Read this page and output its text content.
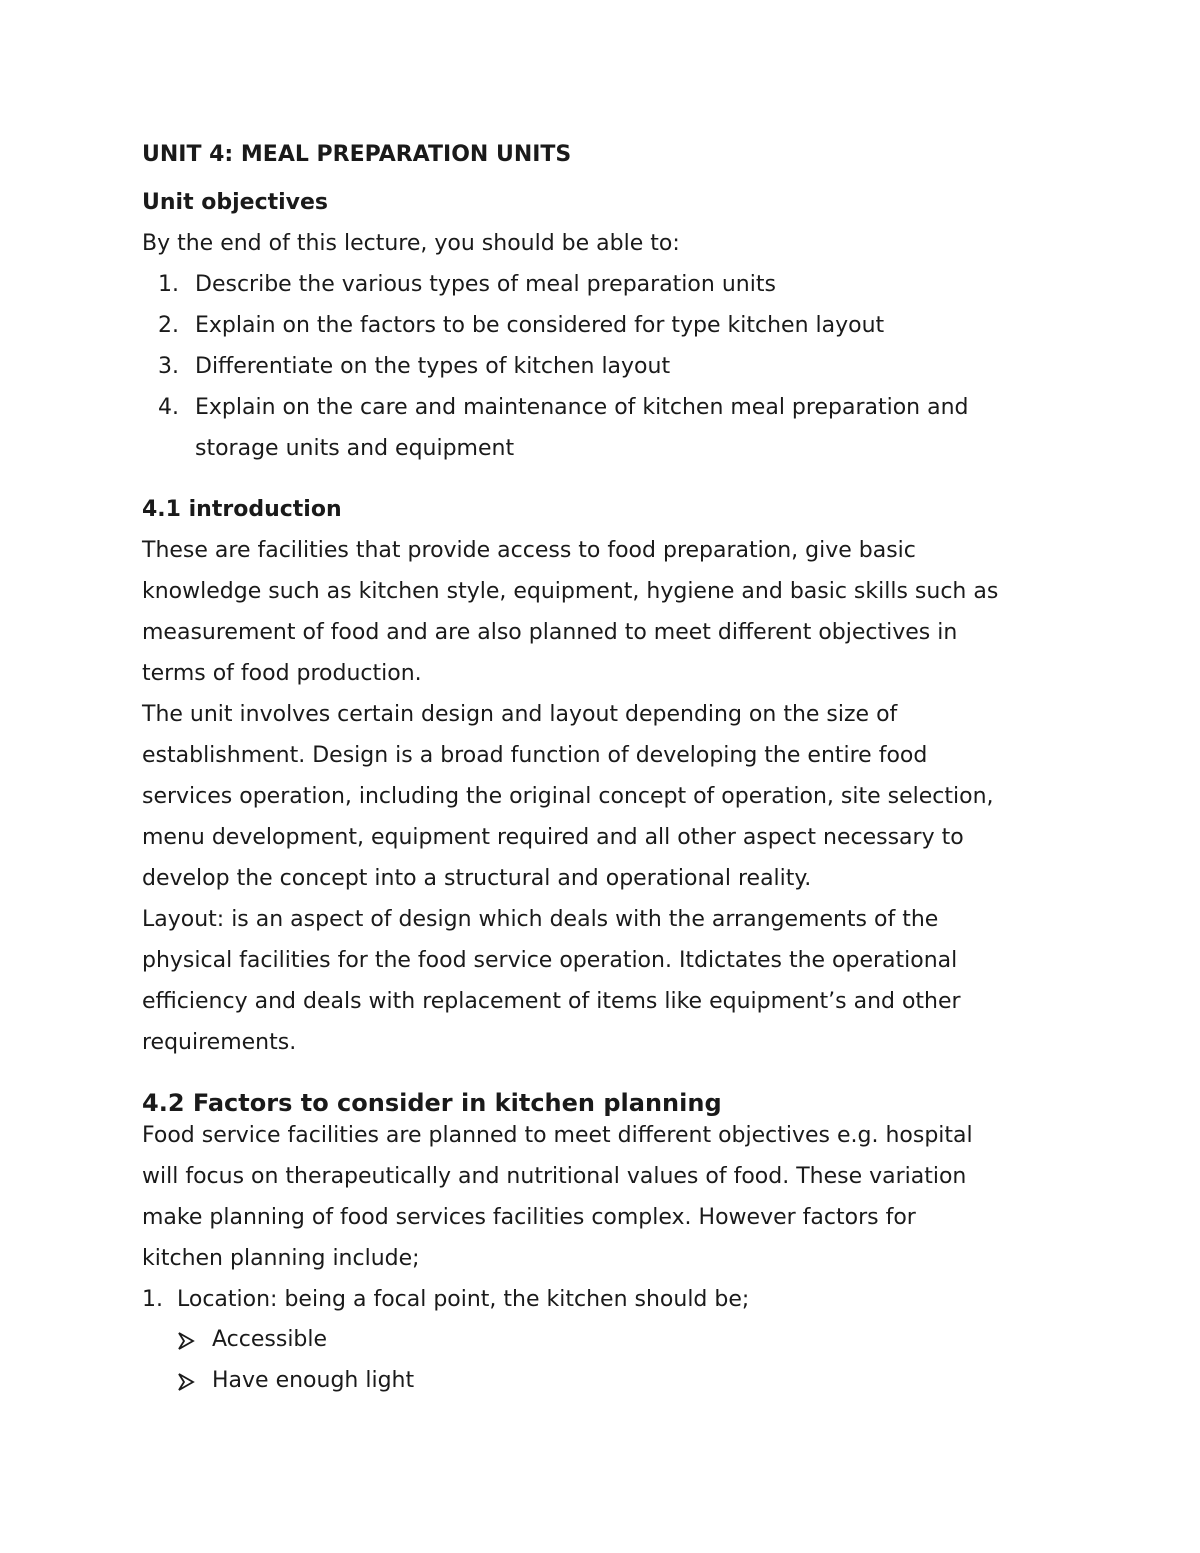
UNIT 4: MEAL PREPARATION UNITS
Unit objectives
By the end of this lecture, you should be able to:
1. Describe the various types of meal preparation units
2. Explain on the factors to be considered for type kitchen layout
3. Differentiate on the types of kitchen layout
4. Explain on the care and maintenance of kitchen meal preparation and
storage units and equipment
4.1 introduction
These are facilities that provide access to food preparation, give basic
knowledge such as kitchen style, equipment, hygiene and basic skills such as
measurement of food and are also planned to meet different objectives in
terms of food production.
The unit involves certain design and layout depending on the size of
establishment. Design is a broad function of developing the entire food
services operation, including the original concept of operation, site selection,
menu development, equipment required and all other aspect necessary to
develop the concept into a structural and operational reality.
Layout: is an aspect of design which deals with the arrangements of the
physical facilities for the food service operation. Itdictates the operational
efficiency and deals with replacement of items like equipment’s and other
requirements.
4.2 Factors to consider in kitchen planning
Food service facilities are planned to meet different objectives e.g. hospital
will focus on therapeutically and nutritional values of food. These variation
make planning of food services facilities complex. However factors for
kitchen planning include;
1. Location: being a focal point, the kitchen should be;
Accessible
Have enough light
